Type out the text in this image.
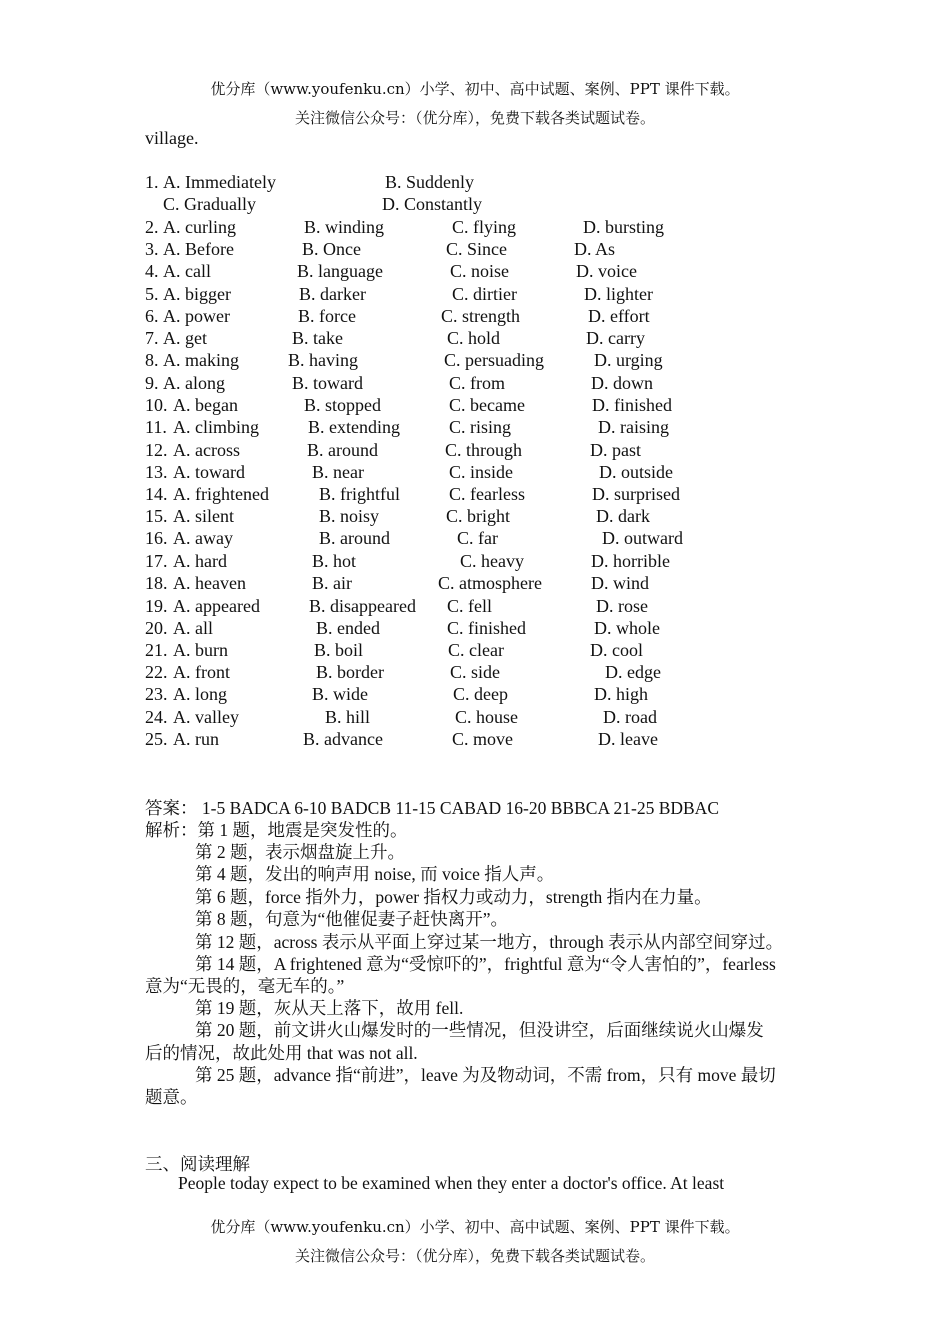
优分库（www.youfenku.cn）小学、初中、高中试题、案例、PPT 课件下载。
关注微信公众号：（优分库），免费下载各类试题试卷。
village.
1. A. Immediately	B. Suddenly
C. Gradually	D. Constantly
2. A. curling	B. winding	C. flying	D. bursting
3. A. Before	B. Once	C. Since	D. As
4. A. call	B. language	C. noise	D. voice
5. A. bigger	B. darker	C. dirtier	D. lighter
6. A. power	B. force	C. strength	D. effort
7. A. get	B. take	C. hold	D. carry
8. A. making	B. having	C. persuading	D. urging
9. A. along	B. toward	C. from	D. down
10. A. began	B. stopped	C. became	D. finished
11. A. climbing	B. extending	C. rising	D. raising
12. A. across	B. around	C. through	D. past
13. A. toward	B. near	C. inside	D. outside
14. A. frightened	B. frightful	C. fearless	D. surprised
15. A. silent	B. noisy	C. bright	D. dark
16. A. away	B. around	C. far	D. outward
17. A. hard	B. hot	C. heavy	D. horrible
18. A. heaven	B. air	C. atmosphere	D. wind
19. A. appeared	B. disappeared C. fell	D. rose
20. A. all	B. ended	C. finished	D. whole
21. A. burn	B. boil	C. clear	D. cool
22. A. front	B. border	C. side	D. edge
23. A. long	B. wide	C. deep	D. high
24. A. valley	B. hill	C. house	D. road
25. A. run	B. advance	C. move	D. leave
答案： 1-5 BADCA 6-10 BADCB 11-15 CABAD 16-20 BBBCA 21-25 BDBAC
解析：第 1 题，地震是突发性的。
第 2 题，表示烟盘旋上升。
第 4 题，发出的响声用 noise, 而 voice 指人声。
第 6 题，force 指外力，power 指权力或动力，strength 指内在力量。
第 8 题，句意为“他催促妻子赶快离开”。
第 12 题，across 表示从平面上穿过某一地方，through 表示从内部空间穿过。
第 14 题，A frightened 意为“受惊吓的”，frightful 意为“令人害怕的”，fearless
意为“无畏的，毫无车的。”
第 19 题，灰从天上落下，故用 fell.
第 20 题，前文讲火山爆发时的一些情况，但没讲空，后面继续说火山爆发
后的情况，故此处用 that was not all.
第 25 题，advance 指“前进”，leave 为及物动词，不需 from，只有 move 最切
题意。
三、阅读理解
People today expect to be examined when they enter a doctor's office. At least
优分库（www.youfenku.cn）小学、初中、高中试题、案例、PPT 课件下载。
关注微信公众号：（优分库），免费下载各类试题试卷。
